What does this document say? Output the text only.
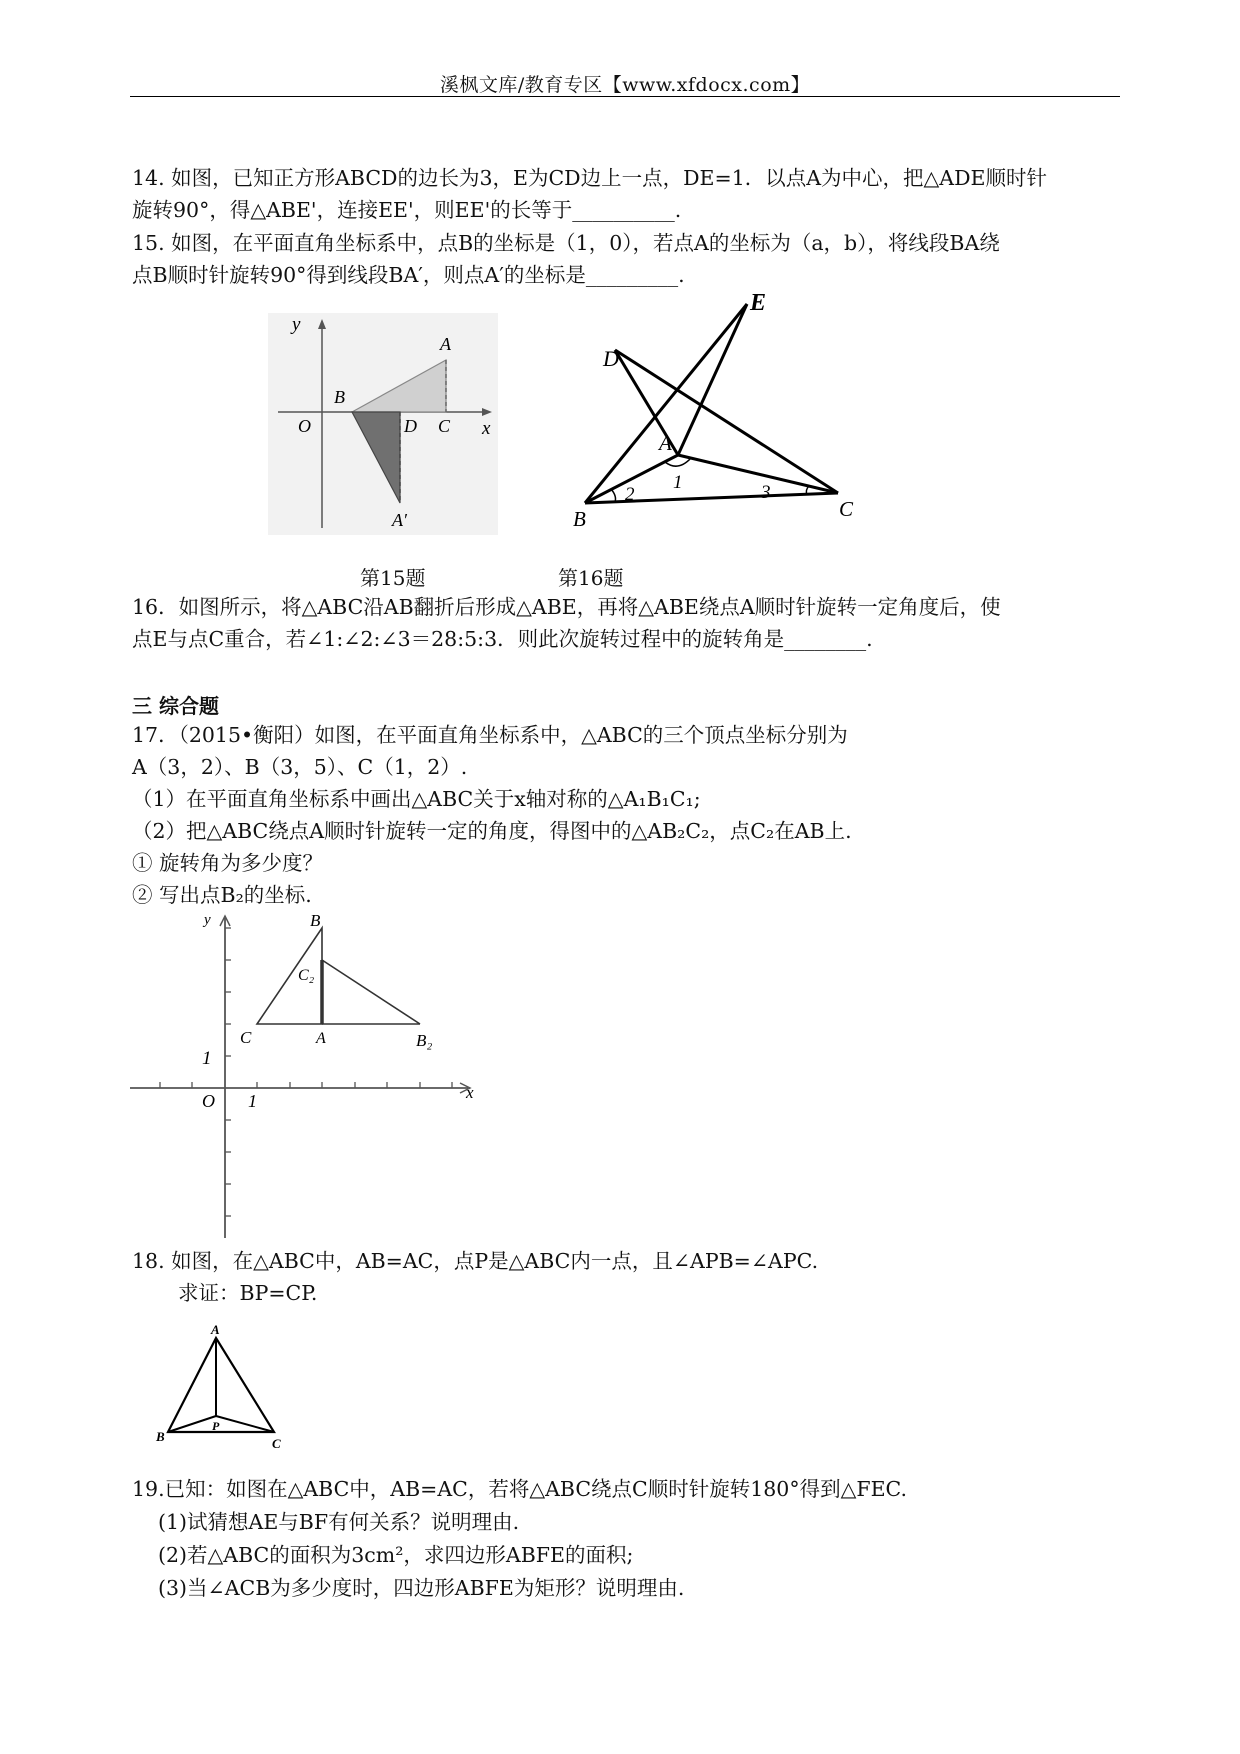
溪枫文库/教育专区【www.xfdocx.com】
14. 如图，已知正方形ABCD的边长为3，E为CD边上一点，DE=1．以点A为中心，把△ADE顺时针
旋转90°，得△ABE'，连接EE'，则EE'的长等于__________.
15. 如图，在平面直角坐标系中，点B的坐标是（1，0），若点A的坐标为（a，b），将线段BA绕
点B顺时针旋转90°得到线段BA′，则点A′的坐标是_________.
y
A
B
O	D C x
A′
E
D
A
1
2	3
B	C
第15题	第16题
16．如图所示，将△ABC沿AB翻折后形成△ABE，再将△ABE绕点A顺时针旋转一定角度后，使
点E与点C重合，若∠1:∠2:∠3＝28:5:3．则此次旋转过程中的旋转角是________.
三 综合题
17．（2015•衡阳）如图，在平面直角坐标系中，△ABC的三个顶点坐标分别为
A（3，2）、B（3，5）、C（1，2）.
（1）在平面直角坐标系中画出△ABC关于x轴对称的△A₁B₁C₁;
（2）把△ABC绕点A顺时针旋转一定的角度，得图中的△AB₂C₂，点C₂在AB上.
① 旋转角为多少度？
② 写出点B₂的坐标.
y	B
C₂
C	A	B₂
1
O 1	x
18. 如图，在△ABC中，AB=AC，点P是△ABC内一点，且∠APB=∠APC.
求证：BP=CP.
A
B	C
P
19.已知：如图在△ABC中，AB=AC，若将△ABC绕点C顺时针旋转180°得到△FEC.
(1)试猜想AE与BF有何关系？说明理由.
(2)若△ABC的面积为3cm²，求四边形ABFE的面积;
(3)当∠ACB为多少度时，四边形ABFE为矩形？说明理由.
